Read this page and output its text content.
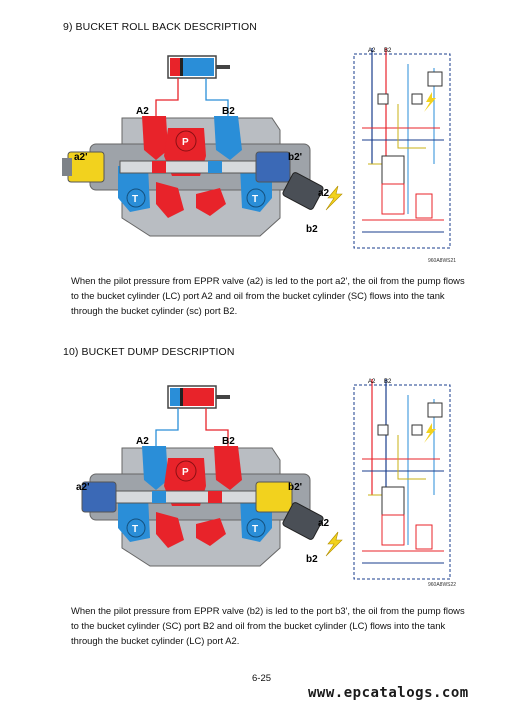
9) BUCKET ROLL BACK DESCRIPTION
A2	B2
P
T	T
a2'	b2'
a2
b2
A2 B2
960A8WS21
When the pilot pressure from EPPR valve (a2) is led to the port a2', the oil from the pump flows to the bucket cylinder (LC) port A2 and oil from the bucket cylinder (SC) flows into the tank through the bucket cylinder (sc) port B2.
10) BUCKET DUMP DESCRIPTION
A2	B2
P
T	T
a2'	b2'
a2
b2
A2 B2
960A8WS22
When the pilot pressure from EPPR valve (b2) is led to the port b3', the oil from the pump flows to the bucket cylinder (SC) port B2 and oil from the bucket cylinder (LC) flows into the tank through the bucket cylinder (LC) port A2.
6-25
www.epcatalogs.com
